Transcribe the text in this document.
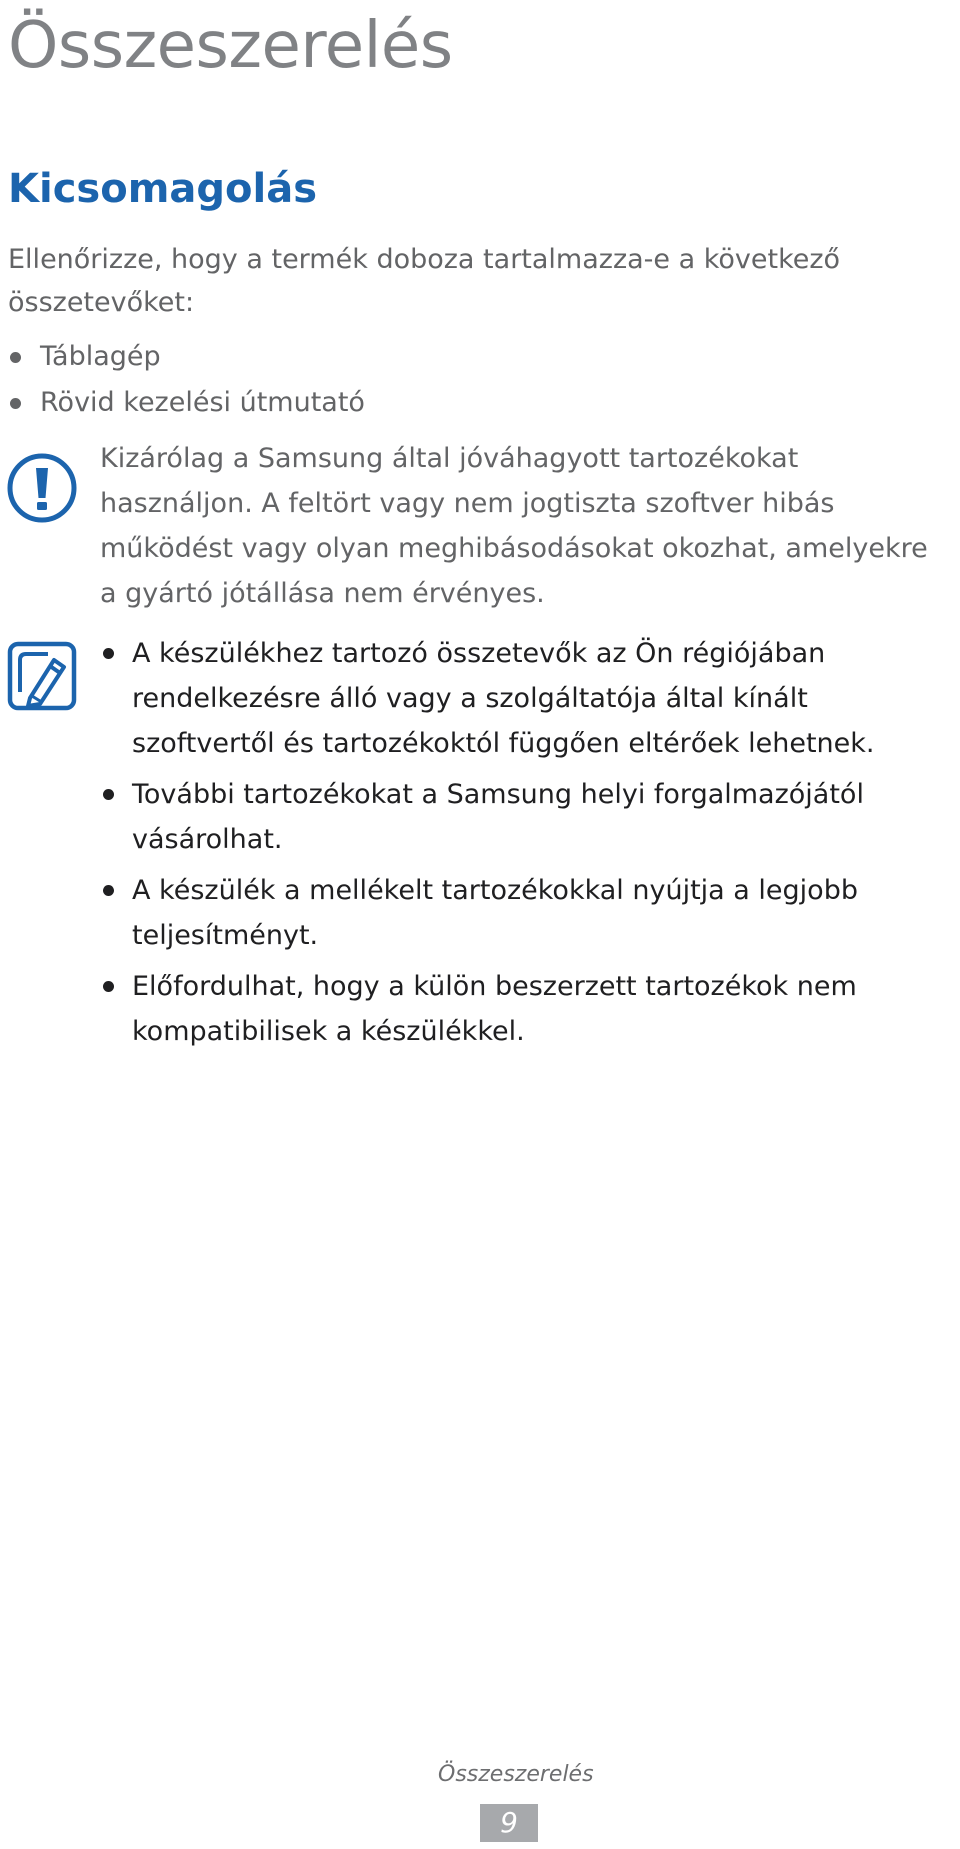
Összeszerelés
Kicsomagolás
Ellenőrizze, hogy a termék doboza tartalmazza-e a következő összetevőket:
Táblagép
Rövid kezelési útmutató
Kizárólag a Samsung által jóváhagyott tartozékokat használjon. A feltört vagy nem jogtiszta szoftver hibás működést vagy olyan meghibásodásokat okozhat, amelyekre a gyártó jótállása nem érvényes.
A készülékhez tartozó összetevők az Ön régiójában rendelkezésre álló vagy a szolgáltatója által kínált szoftvertől és tartozékoktól függően eltérőek lehetnek.
További tartozékokat a Samsung helyi forgalmazójától vásárolhat.
A készülék a mellékelt tartozékokkal nyújtja a legjobb teljesítményt.
Előfordulhat, hogy a külön beszerzett tartozékok nem kompatibilisek a készülékkel.
Összeszerelés
9
